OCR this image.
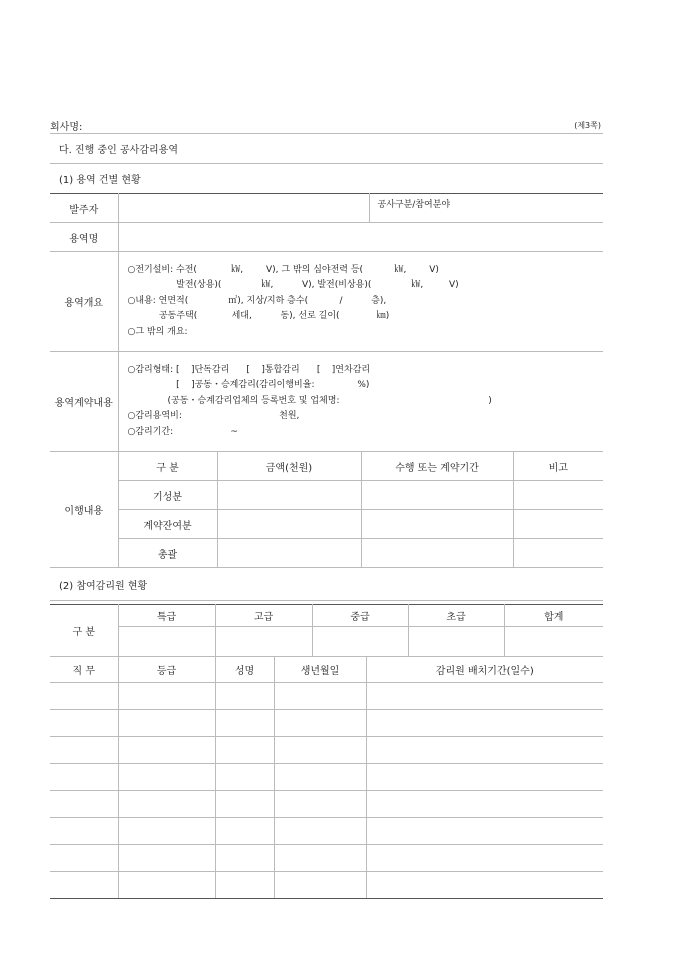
회사명:	(제3쪽)
다. 진행 중인 공사감리용역
(1) 용역 건별 현황
발주자				공사구분/참여분야	
용역명					
용역개요	○전기설비: 수전(            ㎾,        V), 그 밖의 심야전력 등(           ㎾,        V)
발전(상용)(              ㎾,          V), 발전(비상용)(              ㎾,         V)
○내용: 연면적(              ㎡), 지상/지하 층수(           /          층),
공동주택(            세대,          동), 선로 길이(             ㎞)
○그 밖의 개요:				

용역계약내용	○감리형태: [    ]단독감리      [    ]통합감리      [    ]연차감리
[    ]공동・승계감리(감리이행비율:               %)
(공동・승계감리업체의 등록번호 및 업체명:                                                    )
○감리용역비:                                  천원,
○감리기간:                    ~				

이행내용	구 분	금액(천원)	수행 또는 계약기간		비고
	기성분				
	계약잔여분				
	총괄				
(2) 참여감리원 현황					
구 분	특급	고급		중급		초급	합계

직 무	등급	성명	생년월일		감리원 배치기간(일수)		
